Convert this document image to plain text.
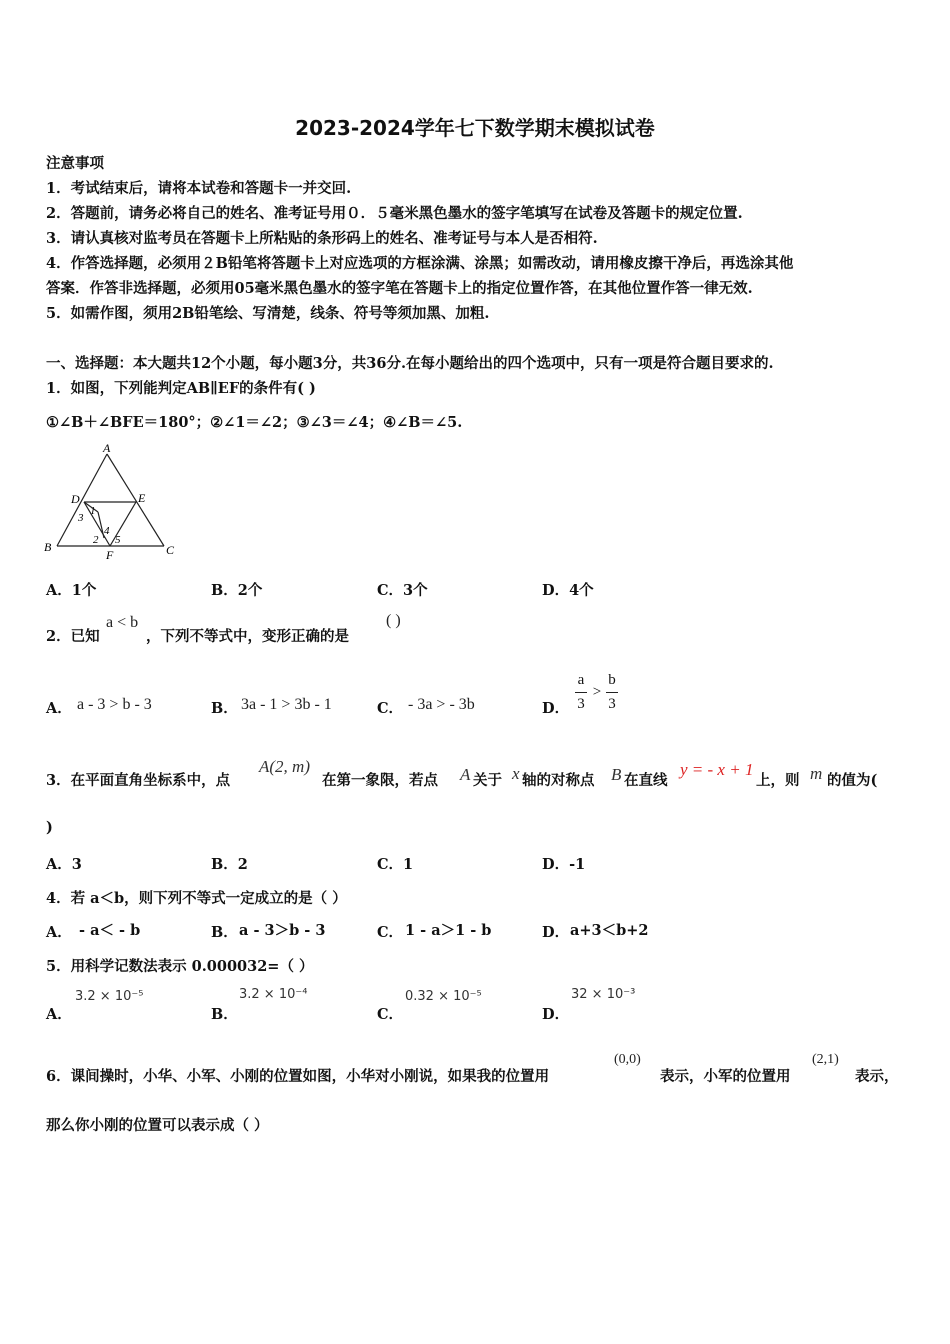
2023-2024学年七下数学期末模拟试卷
注意事项
1．考试结束后，请将本试卷和答题卡一并交回.
2．答题前，请务必将自己的姓名、准考证号用０．５毫米黑色墨水的签字笔填写在试卷及答题卡的规定位置.
3．请认真核对监考员在答题卡上所粘贴的条形码上的姓名、准考证号与本人是否相符.
4．作答选择题，必须用２B铅笔将答题卡上对应选项的方框涂满、涂黑；如需改动，请用橡皮擦干净后，再选涂其他
答案．作答非选择题，必须用05毫米黑色墨水的签字笔在答题卡上的指定位置作答，在其他位置作答一律无效.
5．如需作图，须用2B铅笔绘、写清楚，线条、符号等须加黑、加粗.
一、选择题：本大题共12个小题，每小题3分，共36分.在每小题给出的四个选项中，只有一项是符合题目要求的.
1．如图，下列能判定AB∥EF的条件有( )
①∠B＋∠BFE＝180°；②∠1＝∠2；③∠3＝∠4；④∠B＝∠5.
A
B	C
D	E
F
1
3
4
2 5
A．1个	B．2个	C．3个	D．4个
2．已知
a < b
，下列不等式中，变形正确的是
( )
A． a - 3 > b - 3	B． 3a - 1 > 3b - 1	C． - 3a > - 3b	D．
a
3
>
b
3
3．在平面直角坐标系中，点
A(2, m)
在第一象限，若点 A 关于 x 轴的对称点 B 在直线
y = - x + 1
上，则 m 的值为(
)
A．3	B．2	C．1	D．-1
4．若 a＜b，则下列不等式一定成立的是（ ）
A． - a＜ - b	B． a - 3＞b - 3	C． 1 - a＞1 - b	D． a+3＜b+2
5．用科学记数法表示 0.000032=（ ）
A．
3.2 × 10⁻⁵
B．
3.2 × 10⁻⁴
C．
0.32 × 10⁻⁵
D．
32 × 10⁻³
6．课间操时，小华、小军、小刚的位置如图，小华对小刚说，如果我的位置用
(0,0)
表示，小军的位置用
(2,1)
表示，
那么你小刚的位置可以表示成（ ）
